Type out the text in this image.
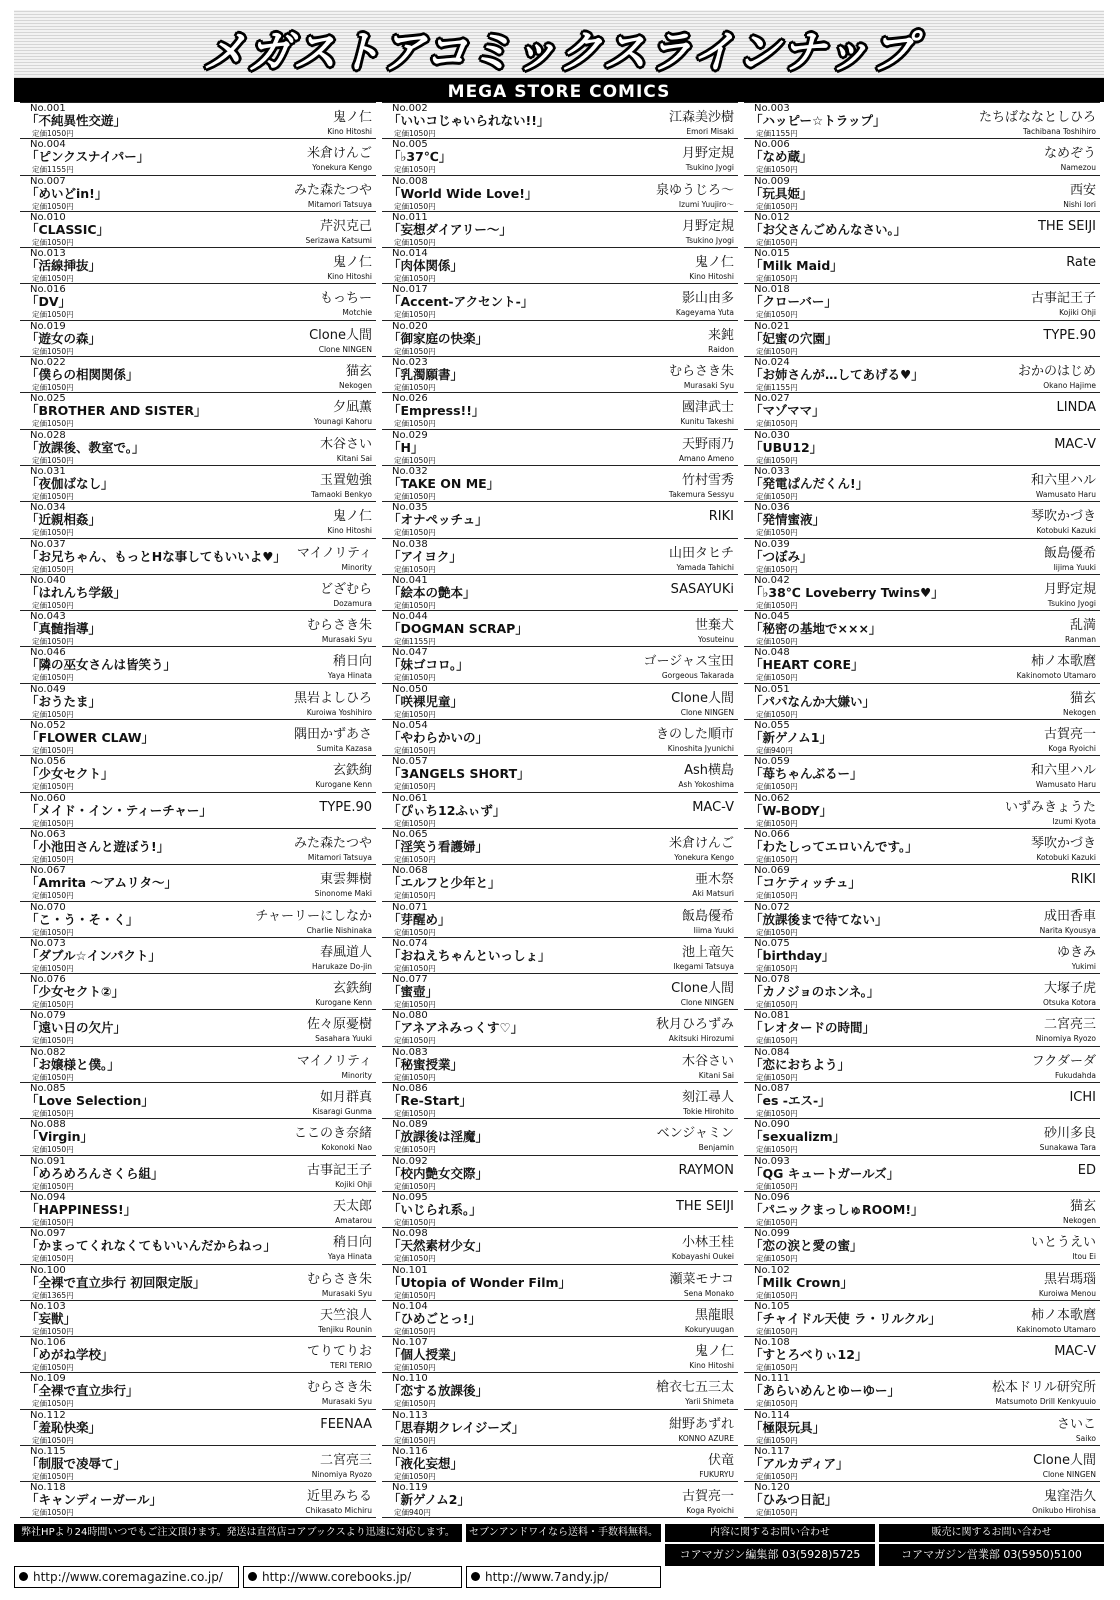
メガストアコミックスラインナップ
MEGA STORE COMICS
No.001
「不純異性交遊」
定価1050円
鬼ノ仁
Kino Hitoshi
No.004
「ピンクスナイパー」
定価1155円
米倉けんご
Yonekura Kengo
No.007
「めいどin!」
定価1050円
みた森たつや
Mitamori Tatsuya
No.010
「CLASSIC」
定価1050円
芹沢克己
Serizawa Katsumi
No.013
「活線挿抜」
定価1050円
鬼ノ仁
Kino Hitoshi
No.016
「DV」
定価1050円
もっちー
Motchie
No.019
「遊女の森」
定価1050円
Clone人間
Clone NINGEN
No.022
「僕らの相関関係」
定価1050円
猫玄
Nekogen
No.025
「BROTHER AND SISTER」
定価1050円
夕凪薫
Younagi Kahoru
No.028
「放課後、教室で。」
定価1050円
木谷さい
Kitani Sai
No.031
「夜伽ばなし」
定価1050円
玉置勉強
Tamaoki Benkyo
No.034
「近親相姦」
定価1050円
鬼ノ仁
Kino Hitoshi
No.037
「お兄ちゃん、もっとHな事してもいいよ♥」
定価1050円
マイノリティ
Minority
No.040
「はれんち学級」
定価1050円
どざむら
Dozamura
No.043
「真髄指導」
定価1050円
むらさき朱
Murasaki Syu
No.046
「隣の巫女さんは皆笑う」
定価1050円
稍日向
Yaya Hinata
No.049
「おうたま」
定価1050円
黒岩よしひろ
Kuroiwa Yoshihiro
No.052
「FLOWER CLAW」
定価1050円
隅田かずあさ
Sumita Kazasa
No.056
「少女セクト」
定価1050円
玄鉄絢
Kurogane Kenn
No.060
「メイド・イン・ティーチャー」
定価1050円
TYPE.90
No.063
「小池田さんと遊ぼう!」
定価1050円
みた森たつや
Mitamori Tatsuya
No.067
「Amrita ～アムリタ～」
定価1050円
東雲舞樹
Sinonome Maki
No.070
「こ・う・そ・く」
定価1050円
チャーリーにしなか
Charlie Nishinaka
No.073
「ダブル☆インパクト」
定価1050円
春風道人
Harukaze Do-jin
No.076
「少女セクト②」
定価1050円
玄鉄絢
Kurogane Kenn
No.079
「遠い日の欠片」
定価1050円
佐々原憂樹
Sasahara Yuuki
No.082
「お嬢様と僕。」
定価1050円
マイノリティ
Minority
No.085
「Love Selection」
定価1050円
如月群真
Kisaragi Gunma
No.088
「Virgin」
定価1050円
ここのき奈緒
Kokonoki Nao
No.091
「めろめろんさくら組」
定価1050円
古事記王子
Kojiki Ohji
No.094
「HAPPINESS!」
定価1050円
天太郎
Amatarou
No.097
「かまってくれなくてもいいんだからねっ」
定価1050円
稍日向
Yaya Hinata
No.100
「全裸で直立歩行 初回限定版」
定価1365円
むらさき朱
Murasaki Syu
No.103
「妄獣」
定価1050円
天竺浪人
Tenjiku Rounin
No.106
「めがね学校」
定価1050円
てりてりお
TERI TERIO
No.109
「全裸で直立歩行」
定価1050円
むらさき朱
Murasaki Syu
No.112
「羞恥快楽」
定価1050円
FEENAA
No.115
「制服で凌辱て」
定価1050円
二宮亮三
Ninomiya Ryozo
No.118
「キャンディーガール」
定価1050円
近里みちる
Chikasato Michiru
No.002
「いいコじゃいられない!!」
定価1050円
江森美沙樹
Emori Misaki
No.005
「♭37℃」
定価1050円
月野定規
Tsukino Jyogi
No.008
「World Wide Love!」
定価1050円
泉ゆうじろ～
Izumi Yuujiro～
No.011
「妄想ダイアリー～」
定価1050円
月野定規
Tsukino Jyogi
No.014
「肉体関係」
定価1050円
鬼ノ仁
Kino Hitoshi
No.017
「Accent-アクセント-」
定価1050円
影山由多
Kageyama Yuta
No.020
「御家庭の快楽」
定価1050円
来鈍
Raidon
No.023
「乳濁願書」
定価1050円
むらさき朱
Murasaki Syu
No.026
「Empress!!」
定価1050円
國津武士
Kunitu Takeshi
No.029
「H」
定価1050円
天野雨乃
Amano Ameno
No.032
「TAKE ON ME」
定価1050円
竹村雪秀
Takemura Sessyu
No.035
「オナペッチュ」
定価1050円
RIKI
No.038
「アイヨク」
定価1050円
山田タヒチ
Yamada Tahichi
No.041
「絵本の艶本」
定価1050円
SASAYUKi
No.044
「DOGMAN SCRAP」
定価1155円
世棄犬
Yosuteinu
No.047
「妹ゴコロ。」
定価1050円
ゴージャス宝田
Gorgeous Takarada
No.050
「咲裸児童」
定価1050円
Clone人間
Clone NINGEN
No.054
「やわらかいの」
定価1050円
きのした順市
Kinoshita Jyunichi
No.057
「3ANGELS SHORT」
定価1050円
Ash横島
Ash Yokoshima
No.061
「ぴぃち12ふぃず」
定価1050円
MAC-V
No.065
「淫笑う看護婦」
定価1050円
米倉けんご
Yonekura Kengo
No.068
「エルフと少年と」
定価1050円
亜木祭
Aki Matsuri
No.071
「芽醒め」
定価1050円
飯島優希
Iiima Yuuki
No.074
「おねえちゃんといっしょ」
定価1050円
池上竜矢
Ikegami Tatsuya
No.077
「蜜壺」
定価1050円
Clone人間
Clone NINGEN
No.080
「アネアネみっくす♡」
定価1050円
秋月ひろずみ
Akitsuki Hirozumi
No.083
「秘蜜授業」
定価1050円
木谷さい
Kitani Sai
No.086
「Re-Start」
定価1050円
刻江尋人
Tokie Hirohito
No.089
「放課後は淫魔」
定価1050円
ベンジャミン
Benjamin
No.092
「校内艶女交際」
定価1050円
RAYMON
No.095
「いじられ系。」
定価1050円
THE SEIJI
No.098
「天然素材少女」
定価1050円
小林王桂
Kobayashi Oukei
No.101
「Utopia of Wonder Film」
定価1050円
瀬菜モナコ
Sena Monako
No.104
「ひめごとっ!」
定価1050円
黒龍眼
Kokuryuugan
No.107
「個人授業」
定価1050円
鬼ノ仁
Kino Hitoshi
No.110
「恋する放課後」
定価1050円
槍衣七五三太
Yarii Shimeta
No.113
「思春期クレイジーズ」
定価1050円
紺野あずれ
KONNO AZURE
No.116
「液化妄想」
定価1050円
伏竜
FUKURYU
No.119
「新ゲノム2」
定価940円
古賀亮一
Koga Ryoichi
No.003
「ハッピー☆トラップ」
定価1155円
たちばななとしひろ
Tachibana Toshihiro
No.006
「なめ蔵」
定価1050円
なめぞう
Namezou
No.009
「玩具姫」
定価1050円
西安
Nishi Iori
No.012
「お父さんごめんなさい。」
定価1050円
THE SEIJI
No.015
「Milk Maid」
定価1050円
Rate
No.018
「クローバー」
定価1050円
古事記王子
Kojiki Ohji
No.021
「妃蜜の穴園」
定価1050円
TYPE.90
No.024
「お姉さんが…してあげる♥」
定価1155円
おかのはじめ
Okano Hajime
No.027
「マゾママ」
定価1050円
LINDA
No.030
「UBU12」
定価1050円
MAC-V
No.033
「発電ぱんだくん!」
定価1050円
和六里ハル
Wamusato Haru
No.036
「発情蜜液」
定価1050円
琴吹かづき
Kotobuki Kazuki
No.039
「つぼみ」
定価1050円
飯島優希
Iijima Yuuki
No.042
「♭38℃ Loveberry Twins♥」
定価1050円
月野定規
Tsukino Jyogi
No.045
「秘密の基地で×××」
定価1050円
乱満
Ranman
No.048
「HEART CORE」
定価1050円
柿ノ本歌麿
Kakinomoto Utamaro
No.051
「パパなんか大嫌い」
定価1050円
猫玄
Nekogen
No.055
「新ゲノム1」
定価940円
古賀亮一
Koga Ryoichi
No.059
「苺ちゃんぶるー」
定価1050円
和六里ハル
Wamusato Haru
No.062
「W-BODY」
定価1050円
いずみきょうた
Izumi Kyota
No.066
「わたしってエロいんです。」
定価1050円
琴吹かづき
Kotobuki Kazuki
No.069
「コケティッチュ」
定価1050円
RIKI
No.072
「放課後まで待てない」
定価1050円
成田香車
Narita Kyousya
No.075
「birthday」
定価1050円
ゆきみ
Yukimi
No.078
「カノジョのホンネ。」
定価1050円
大塚子虎
Otsuka Kotora
No.081
「レオタードの時間」
定価1050円
二宮亮三
Ninomiya Ryozo
No.084
「恋におちよう」
定価1050円
フクダーダ
Fukudahda
No.087
「es -エス-」
定価1050円
ICHI
No.090
「sexualizm」
定価1050円
砂川多良
Sunakawa Tara
No.093
「QG キュートガールズ」
定価1050円
ED
No.096
「パニックまっしゅROOM!」
定価1050円
猫玄
Nekogen
No.099
「恋の涙と愛の蜜」
定価1050円
いとうえい
Itou Ei
No.102
「Milk Crown」
定価1050円
黒岩瑪瑙
Kuroiwa Menou
No.105
「チャイドル天使 ラ・リルクル」
定価1050円
柿ノ本歌麿
Kakinomoto Utamaro
No.108
「すとろべりぃ12」
定価1050円
MAC-V
No.111
「あらいめんとゆーゆー」
定価1050円
松本ドリル研究所
Matsumoto Drill Kenkyuuio
No.114
「極限玩具」
定価1050円
さいこ
Saiko
No.117
「アルカディア」
定価1050円
Clone人間
Clone NINGEN
No.120
「ひみつ日記」
定価1050円
鬼窪浩久
Onikubo Hirohisa
弊社HPより24時間いつでもご注文頂けます。発送は直営店コアブックスより迅速に対応します。	セブンアンドワイなら送料・手数料無料。	内容に関するお問い合わせ	販売に関するお問い合わせ
コアマガジン編集部 03(5928)5725	コアマガジン営業部 03(5950)5100
http://www.coremagazine.co.jp/	http://www.corebooks.jp/	http://www.7andy.jp/
